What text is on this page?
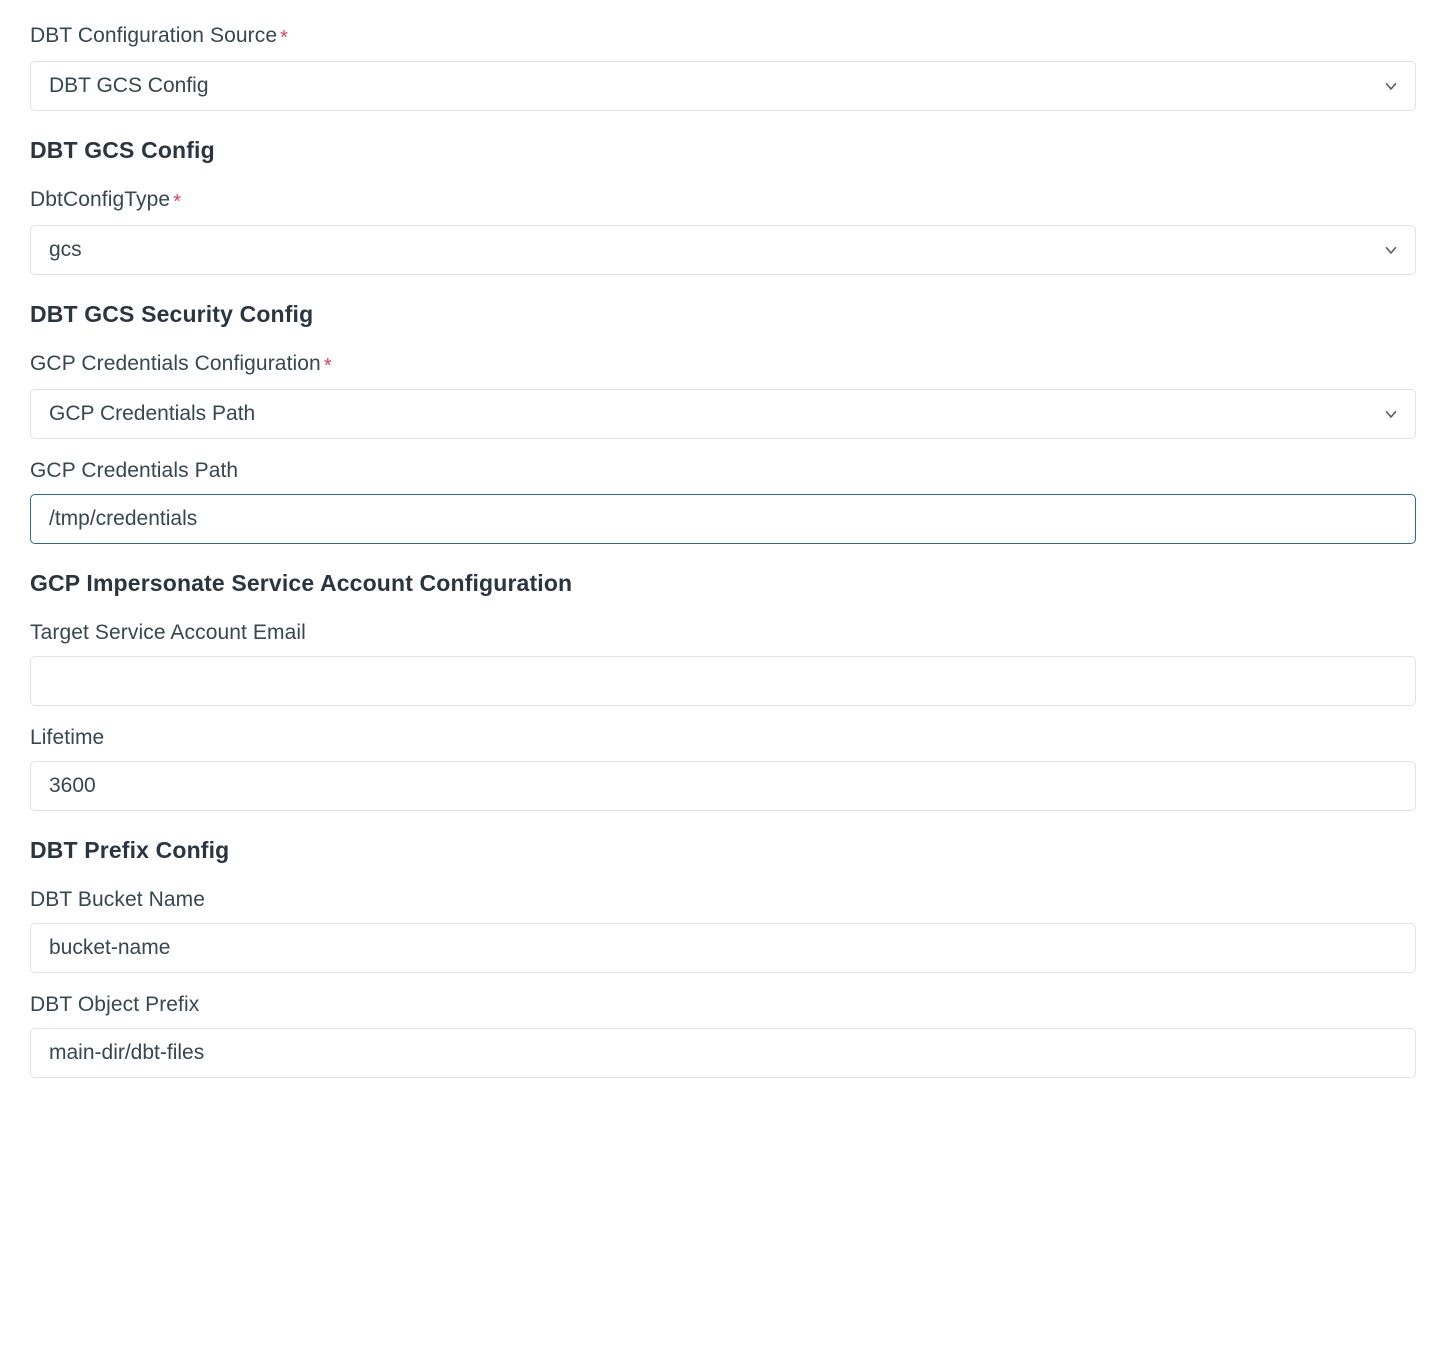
DBT Configuration Source *
DBT GCS Config
DBT GCS Config
DbtConfigType *
gcs
DBT GCS Security Config
GCP Credentials Configuration *
GCP Credentials Path
GCP Credentials Path
/tmp/credentials
GCP Impersonate Service Account Configuration
Target Service Account Email
Lifetime
3600
DBT Prefix Config
DBT Bucket Name
bucket-name
DBT Object Prefix
main-dir/dbt-files
